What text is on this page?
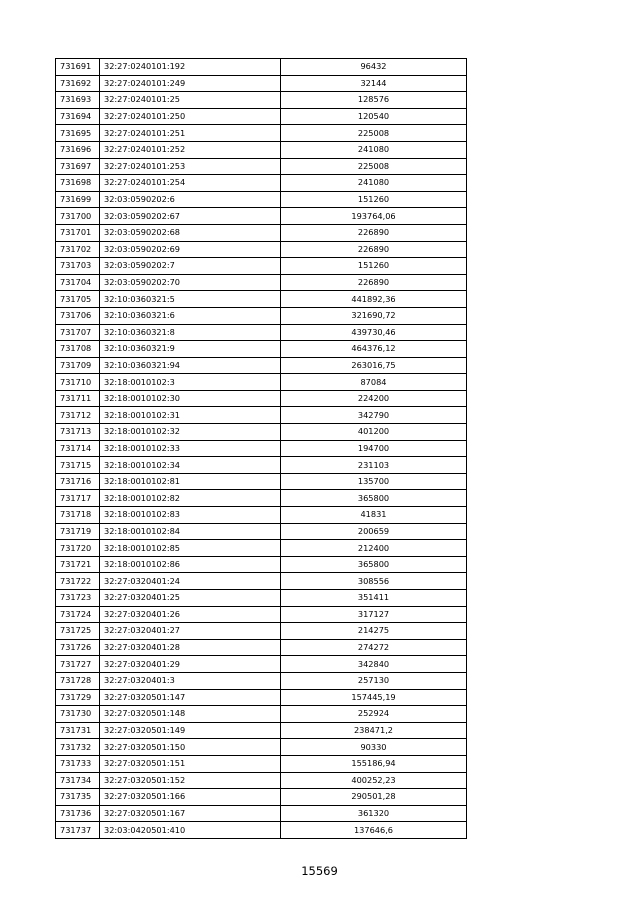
731691	32:27:0240101:192	96432
731692	32:27:0240101:249	32144
731693	32:27:0240101:25	128576
731694	32:27:0240101:250	120540
731695	32:27:0240101:251	225008
731696	32:27:0240101:252	241080
731697	32:27:0240101:253	225008
731698	32:27:0240101:254	241080
731699	32:03:0590202:6	151260
731700	32:03:0590202:67	193764,06
731701	32:03:0590202:68	226890
731702	32:03:0590202:69	226890
731703	32:03:0590202:7	151260
731704	32:03:0590202:70	226890
731705	32:10:0360321:5	441892,36
731706	32:10:0360321:6	321690,72
731707	32:10:0360321:8	439730,46
731708	32:10:0360321:9	464376,12
731709	32:10:0360321:94	263016,75
731710	32:18:0010102:3	87084
731711	32:18:0010102:30	224200
731712	32:18:0010102:31	342790
731713	32:18:0010102:32	401200
731714	32:18:0010102:33	194700
731715	32:18:0010102:34	231103
731716	32:18:0010102:81	135700
731717	32:18:0010102:82	365800
731718	32:18:0010102:83	41831
731719	32:18:0010102:84	200659
731720	32:18:0010102:85	212400
731721	32:18:0010102:86	365800
731722	32:27:0320401:24	308556
731723	32:27:0320401:25	351411
731724	32:27:0320401:26	317127
731725	32:27:0320401:27	214275
731726	32:27:0320401:28	274272
731727	32:27:0320401:29	342840
731728	32:27:0320401:3	257130
731729	32:27:0320501:147	157445,19
731730	32:27:0320501:148	252924
731731	32:27:0320501:149	238471,2
731732	32:27:0320501:150	90330
731733	32:27:0320501:151	155186,94
731734	32:27:0320501:152	400252,23
731735	32:27:0320501:166	290501,28
731736	32:27:0320501:167	361320
731737	32:03:0420501:410	137646,6
15569
